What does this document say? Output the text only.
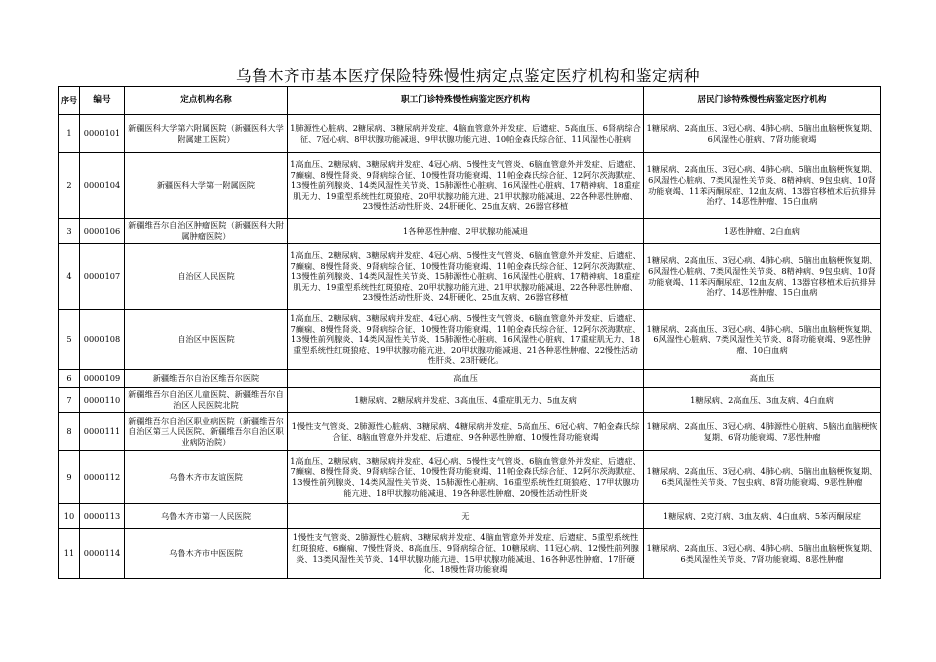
乌鲁木齐市基本医疗保险特殊慢性病定点鉴定医疗机构和鉴定病种
序号	编号	定点机构名称	职工门诊特殊慢性病鉴定医疗机构	居民门诊特殊慢性病鉴定医疗机构
1	0000101	新疆医科大学第六附属医院（新疆医科大学附属建工医院）	1肺源性心脏病、2糖尿病、3糖尿病并发症、4脑血管意外并发症、后遗症、5高血压、6肾病综合征、7冠心病、8甲状腺功能减退、9甲状腺功能亢进、10帕金森氏综合征、11风湿性心脏病	1糖尿病、2高血压、3冠心病、4肺心病、5脑出血脑梗恢复期、6风湿性心脏病、7肾功能衰竭
2	0000104	新疆医科大学第一附属医院	1高血压、2糖尿病、3糖尿病并发症、4冠心病、5慢性支气管炎、6脑血管意外并发症、后遗症、7癫痫、8慢性肾炎、9肾病综合征、10慢性肾功能衰竭、11帕金森氏综合征、12阿尔茨海默症、13慢性前列腺炎、14类风湿性关节炎、15肺源性心脏病、16风湿性心脏病、17精神病、18重症肌无力、19重型系统性红斑狼疮、20甲状腺功能亢进、21甲状腺功能减退、22各种恶性肿瘤、23慢性活动性肝炎、24肝硬化、25血友病、26器官移植	1糖尿病、2高血压、3冠心病、4肺心病、5脑出血脑梗恢复期、6风湿性心脏病、7类风湿性关节炎、8精神病、9包虫病、10肾功能衰竭、11苯丙酮尿症、12血友病、13器官移植术后抗排异治疗、14恶性肿瘤、15白血病
3	0000106	新疆维吾尔自治区肿瘤医院（新疆医科大附属肿瘤医院）	1各种恶性肿瘤、2甲状腺功能减退	1恶性肿瘤、2白血病
4	0000107	自治区人民医院	1高血压、2糖尿病、3糖尿病并发症、4冠心病、5慢性支气管炎、6脑血管意外并发症、后遗症、7癫痫、8慢性肾炎、9肾病综合征、10慢性肾功能衰竭、11帕金森氏综合征、12阿尔茨海默症、13慢性前列腺炎、14类风湿性关节炎、15肺源性心脏病、16风湿性心脏病、17精神病、18重症肌无力、19重型系统性红斑狼疮、20甲状腺功能亢进、21甲状腺功能减退、22各种恶性肿瘤、23慢性活动性肝炎、24肝硬化、25血友病、26器官移植	1糖尿病、2高血压、3冠心病、4肺心病、5脑出血脑梗恢复期、6风湿性心脏病、7类风湿性关节炎、8精神病、9包虫病、10肾功能衰竭、11苯丙酮尿症、12血友病、13器官移植术后抗排异治疗、14恶性肿瘤、15白血病
5	0000108	自治区中医医院	1高血压、2糖尿病、3糖尿病并发症、4冠心病、5慢性支气管炎、6脑血管意外并发症、后遗症、7癫痫、8慢性肾炎、9肾病综合征、10慢性肾功能衰竭、11帕金森氏综合征、12阿尔茨海默症、13慢性前列腺炎、14类风湿性关节炎、15肺源性心脏病、16风湿性心脏病、17重症肌无力、18重型系统性红斑狼疮、19甲状腺功能亢进、20甲状腺功能减退、21各种恶性肿瘤、22慢性活动性肝炎、23肝硬化。	1糖尿病、2高血压、3冠心病、4肺心病、5脑出血脑梗恢复期、6风湿性心脏病、7类风湿性关节炎、8肾功能衰竭、9恶性肿瘤、10白血病
6	0000109	新疆维吾尔自治区维吾尔医院	高血压	高血压
7	0000110	新疆维吾尔自治区儿童医院、新疆维吾尔自治区人民医院北院	1糖尿病、2糖尿病并发症、3高血压、4重症肌无力、5血友病	1糖尿病、2高血压、3血友病、4白血病
8	0000111	新疆维吾尔自治区职业病医院（新疆维吾尔自治区第三人民医院、新疆维吾尔自治区职业病防治院）	1慢性支气管炎、2肺源性心脏病、3糖尿病、4糖尿病并发症、5高血压、6冠心病、7帕金森氏综合征、8脑血管意外并发症、后遗症、9各种恶性肿瘤、10慢性肾功能衰竭	1糖尿病、2高血压、3冠心病、4肺源性心脏病、5脑出血脑梗恢复期、6肾功能衰竭、7恶性肿瘤
9	0000112	乌鲁木齐市友谊医院	1高血压、2糖尿病、3糖尿病并发症、4冠心病、5慢性支气管炎、6脑血管意外并发症、后遗症、7癫痫、8慢性肾炎、9肾病综合征、10慢性肾功能衰竭、11帕金森氏综合征、12阿尔茨海默症、13慢性前列腺炎、14类风湿性关节炎、15肺源性心脏病、16重型系统性红斑狼疮、17甲状腺功能亢进、18甲状腺功能减退、19各种恶性肿瘤、20慢性活动性肝炎	1糖尿病、2高血压、3冠心病、4肺心病、5脑出血脑梗恢复期、6类风湿性关节炎、7包虫病、8肾功能衰竭、9恶性肿瘤
10	0000113	乌鲁木齐市第一人民医院	无	1糖尿病、2克汀病、3血友病、4白血病、5苯丙酮尿症
11	0000114	乌鲁木齐市中医医院	1慢性支气管炎、2肺源性心脏病、3糖尿病并发症、4脑血管意外并发症、后遗症、5重型系统性红斑狼疮、6癫痫、7慢性肾炎、8高血压、9肾病综合征、10糖尿病、11冠心病、12慢性前列腺炎、13类风湿性关节炎、14甲状腺功能亢进、15甲状腺功能减退、16各种恶性肿瘤、17肝硬化、18慢性肾功能衰竭	1糖尿病、2高血压、3冠心病、4肺心病、5脑出血脑梗恢复期、6类风湿性关节炎、7肾功能衰竭、8恶性肿瘤
